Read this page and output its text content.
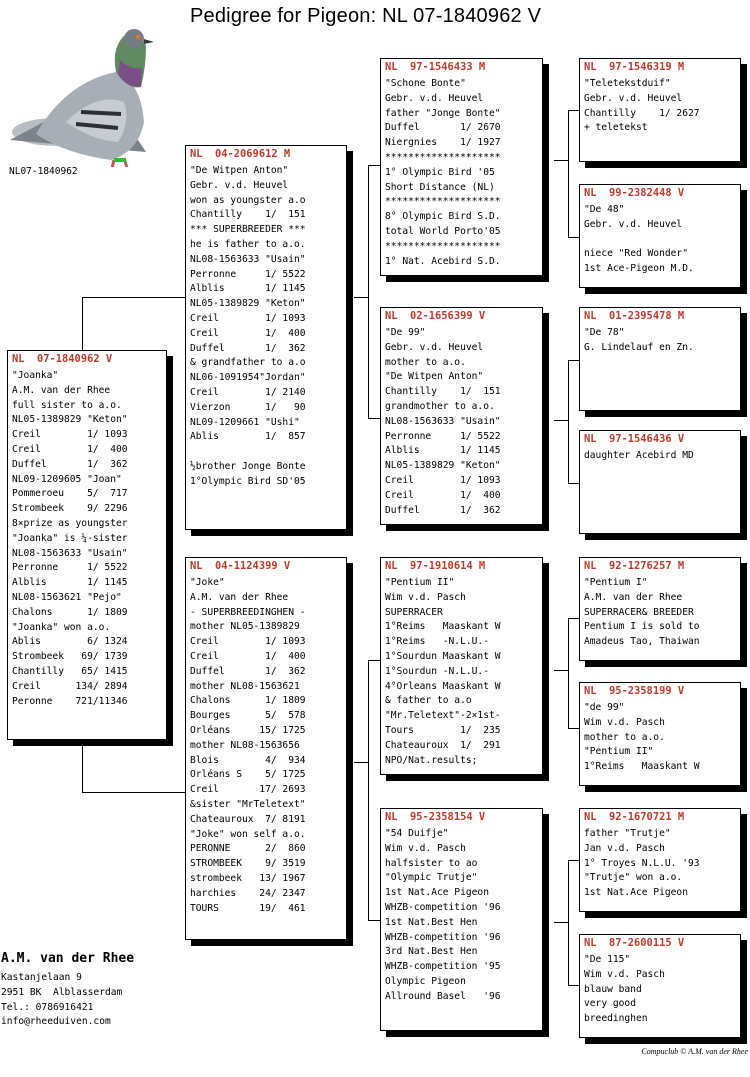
Pedigree for Pigeon: NL 07-1840962 V
NL07-1840962
NL  07-1840962 V
"Joanka"
A.M. van der Rhee
full sister to a.o.
NL05-1389829 "Keton"
Creil        1/ 1093
Creil        1/  400
Duffel       1/  362
NL09-1209605 "Joan"
Pommeroeu    5/  717
Strombeek    9/ 2296
8×prize as youngster
"Joanka" is ¼-sister
NL08-1563633 "Usain"
Perronne     1/ 5522
Alblis       1/ 1145
NL08-1563621 "Pejo"
Chalons      1/ 1809
"Joanka" won a.o.
Ablis        6/ 1324
Strombeek   69/ 1739
Chantilly   65/ 1415
Creil      134/ 2894
Peronne    721/11346
NL  04-2069612 M
"De Witpen Anton"
Gebr. v.d. Heuvel
won as youngster a.o
Chantilly    1/  151
*** SUPERBREEDER ***
he is father to a.o.
NL08-1563633 "Usain"
Perronne     1/ 5522
Alblis       1/ 1145
NL05-1389829 "Keton"
Creil        1/ 1093
Creil        1/  400
Duffel       1/  362
& grandfather to a.o
NL06-1091954"Jordan"
Creil        1/ 2140
Vierzon      1/   90
NL09-1209661 "Ushi"
Ablis        1/  857

½brother Jonge Bonte
1°Olympic Bird SD'05
NL  04-1124399 V
"Joke"
A.M. van der Rhee
- SUPERBREEDINGHEN -
mother NL05-1389829
Creil        1/ 1093
Creil        1/  400
Duffel       1/  362
mother NL08-1563621
Chalons      1/ 1809
Bourges      5/  578
Orléans     15/ 1725
mother NL08-1563656
Blois        4/  934
Orléans S    5/ 1725
Creil       17/ 2693
&sister "MrTeletext"
Chateauroux  7/ 8191
"Joke" won self a.o.
PERONNE      2/  860
STROMBEEK    9/ 3519
strombeek   13/ 1967
harchies    24/ 2347
TOURS       19/  461
NL  97-1546433 M
"Schone Bonte"
Gebr. v.d. Heuvel
father "Jonge Bonte"
Duffel       1/ 2670
Niergnies    1/ 1927
********************
1° Olympic Bird '05
Short Distance (NL)
********************
8° Olympic Bird S.D.
total World Porto'05
********************
1° Nat. Acebird S.D.
NL  02-1656399 V
"De 99"
Gebr. v.d. Heuvel
mother to a.o.
"De Witpen Anton"
Chantilly    1/  151
grandmother to a.o.
NL08-1563633 "Usain"
Perronne     1/ 5522
Alblis       1/ 1145
NL05-1389829 "Keton"
Creil        1/ 1093
Creil        1/  400
Duffel       1/  362
NL  97-1910614 M
"Pentium II"
Wim v.d. Pasch
SUPERRACER
1°Reims   Maaskant W
1°Reims   -N.L.U.-
1°Sourdun Maaskant W
1°Sourdun -N.L.U.-
4°Orleans Maaskant W
& father to a.o
"Mr.Teletext"-2×1st-
Tours        1/  235
Chateauroux  1/  291
NPO/Nat.results;
NL  95-2358154 V
"54 Duifje"
Wim v.d. Pasch
halfsister to ao
"Olympic Trutje"
1st Nat.Ace Pigeon
WHZB-competition '96
1st Nat.Best Hen
WHZB-competition '96
3rd Nat.Best Hen
WHZB-competition '95
Olympic Pigeon
Allround Basel   '96
NL  97-1546319 M
"Teletekstduif"
Gebr. v.d. Heuvel
Chantilly    1/ 2627
+ teletekst
NL  99-2382448 V
"De 48"
Gebr. v.d. Heuvel

niece "Red Wonder"
1st Ace-Pigeon M.D.
NL  01-2395478 M
"De 78"
G. Lindelauf en Zn.
NL  97-1546436 V
daughter Acebird MD
NL  92-1276257 M
"Pentium I"
A.M. van der Rhee
SUPERRACER& BREEDER
Pentium I is sold to
Amadeus Tao, Thaiwan
NL  95-2358199 V
"de 99"
Wim v.d. Pasch
mother to a.o.
"Pentium II"
1°Reims   Maaskant W
NL  92-1670721 M
father "Trutje"
Jan v.d. Pasch
1° Troyes N.L.U. '93
"Trutje" won a.o.
1st Nat.Ace Pigeon
NL  87-2600115 V
"De 115"
Wim v.d. Pasch
blauw band
very good
breedinghen
A.M. van der Rhee
Kastanjelaan 9
2951 BK  Alblasserdam
Tel.: 0786916421
info@rheeduiven.com
Compuclub © A.M. van der Rhee
